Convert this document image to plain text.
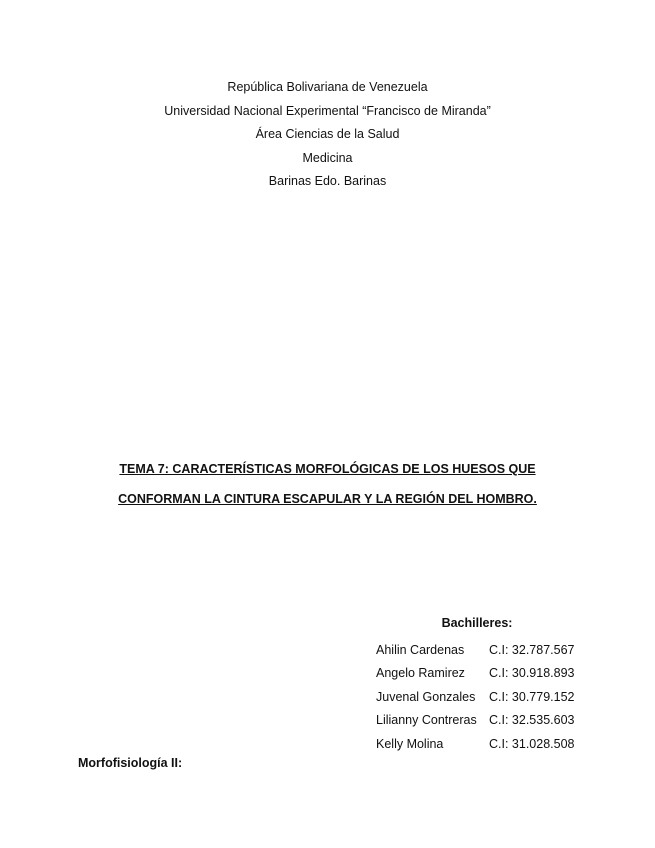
República Bolivariana de Venezuela
Universidad Nacional Experimental “Francisco de Miranda”
Área Ciencias de la Salud
Medicina
Barinas Edo. Barinas
TEMA 7: CARACTERÍSTICAS MORFOLÓGICAS DE LOS HUESOS QUE
CONFORMAN LA CINTURA ESCAPULAR Y LA REGIÓN DEL HOMBRO.
Bachilleres:
Ahilin Cardenas	C.I: 32.787.567
Angelo Ramirez	C.I: 30.918.893
Juvenal Gonzales	C.I: 30.779.152
Lilianny Contreras C.I: 32.535.603
Kelly Molina	C.I: 31.028.508
Morfofisiología II:
